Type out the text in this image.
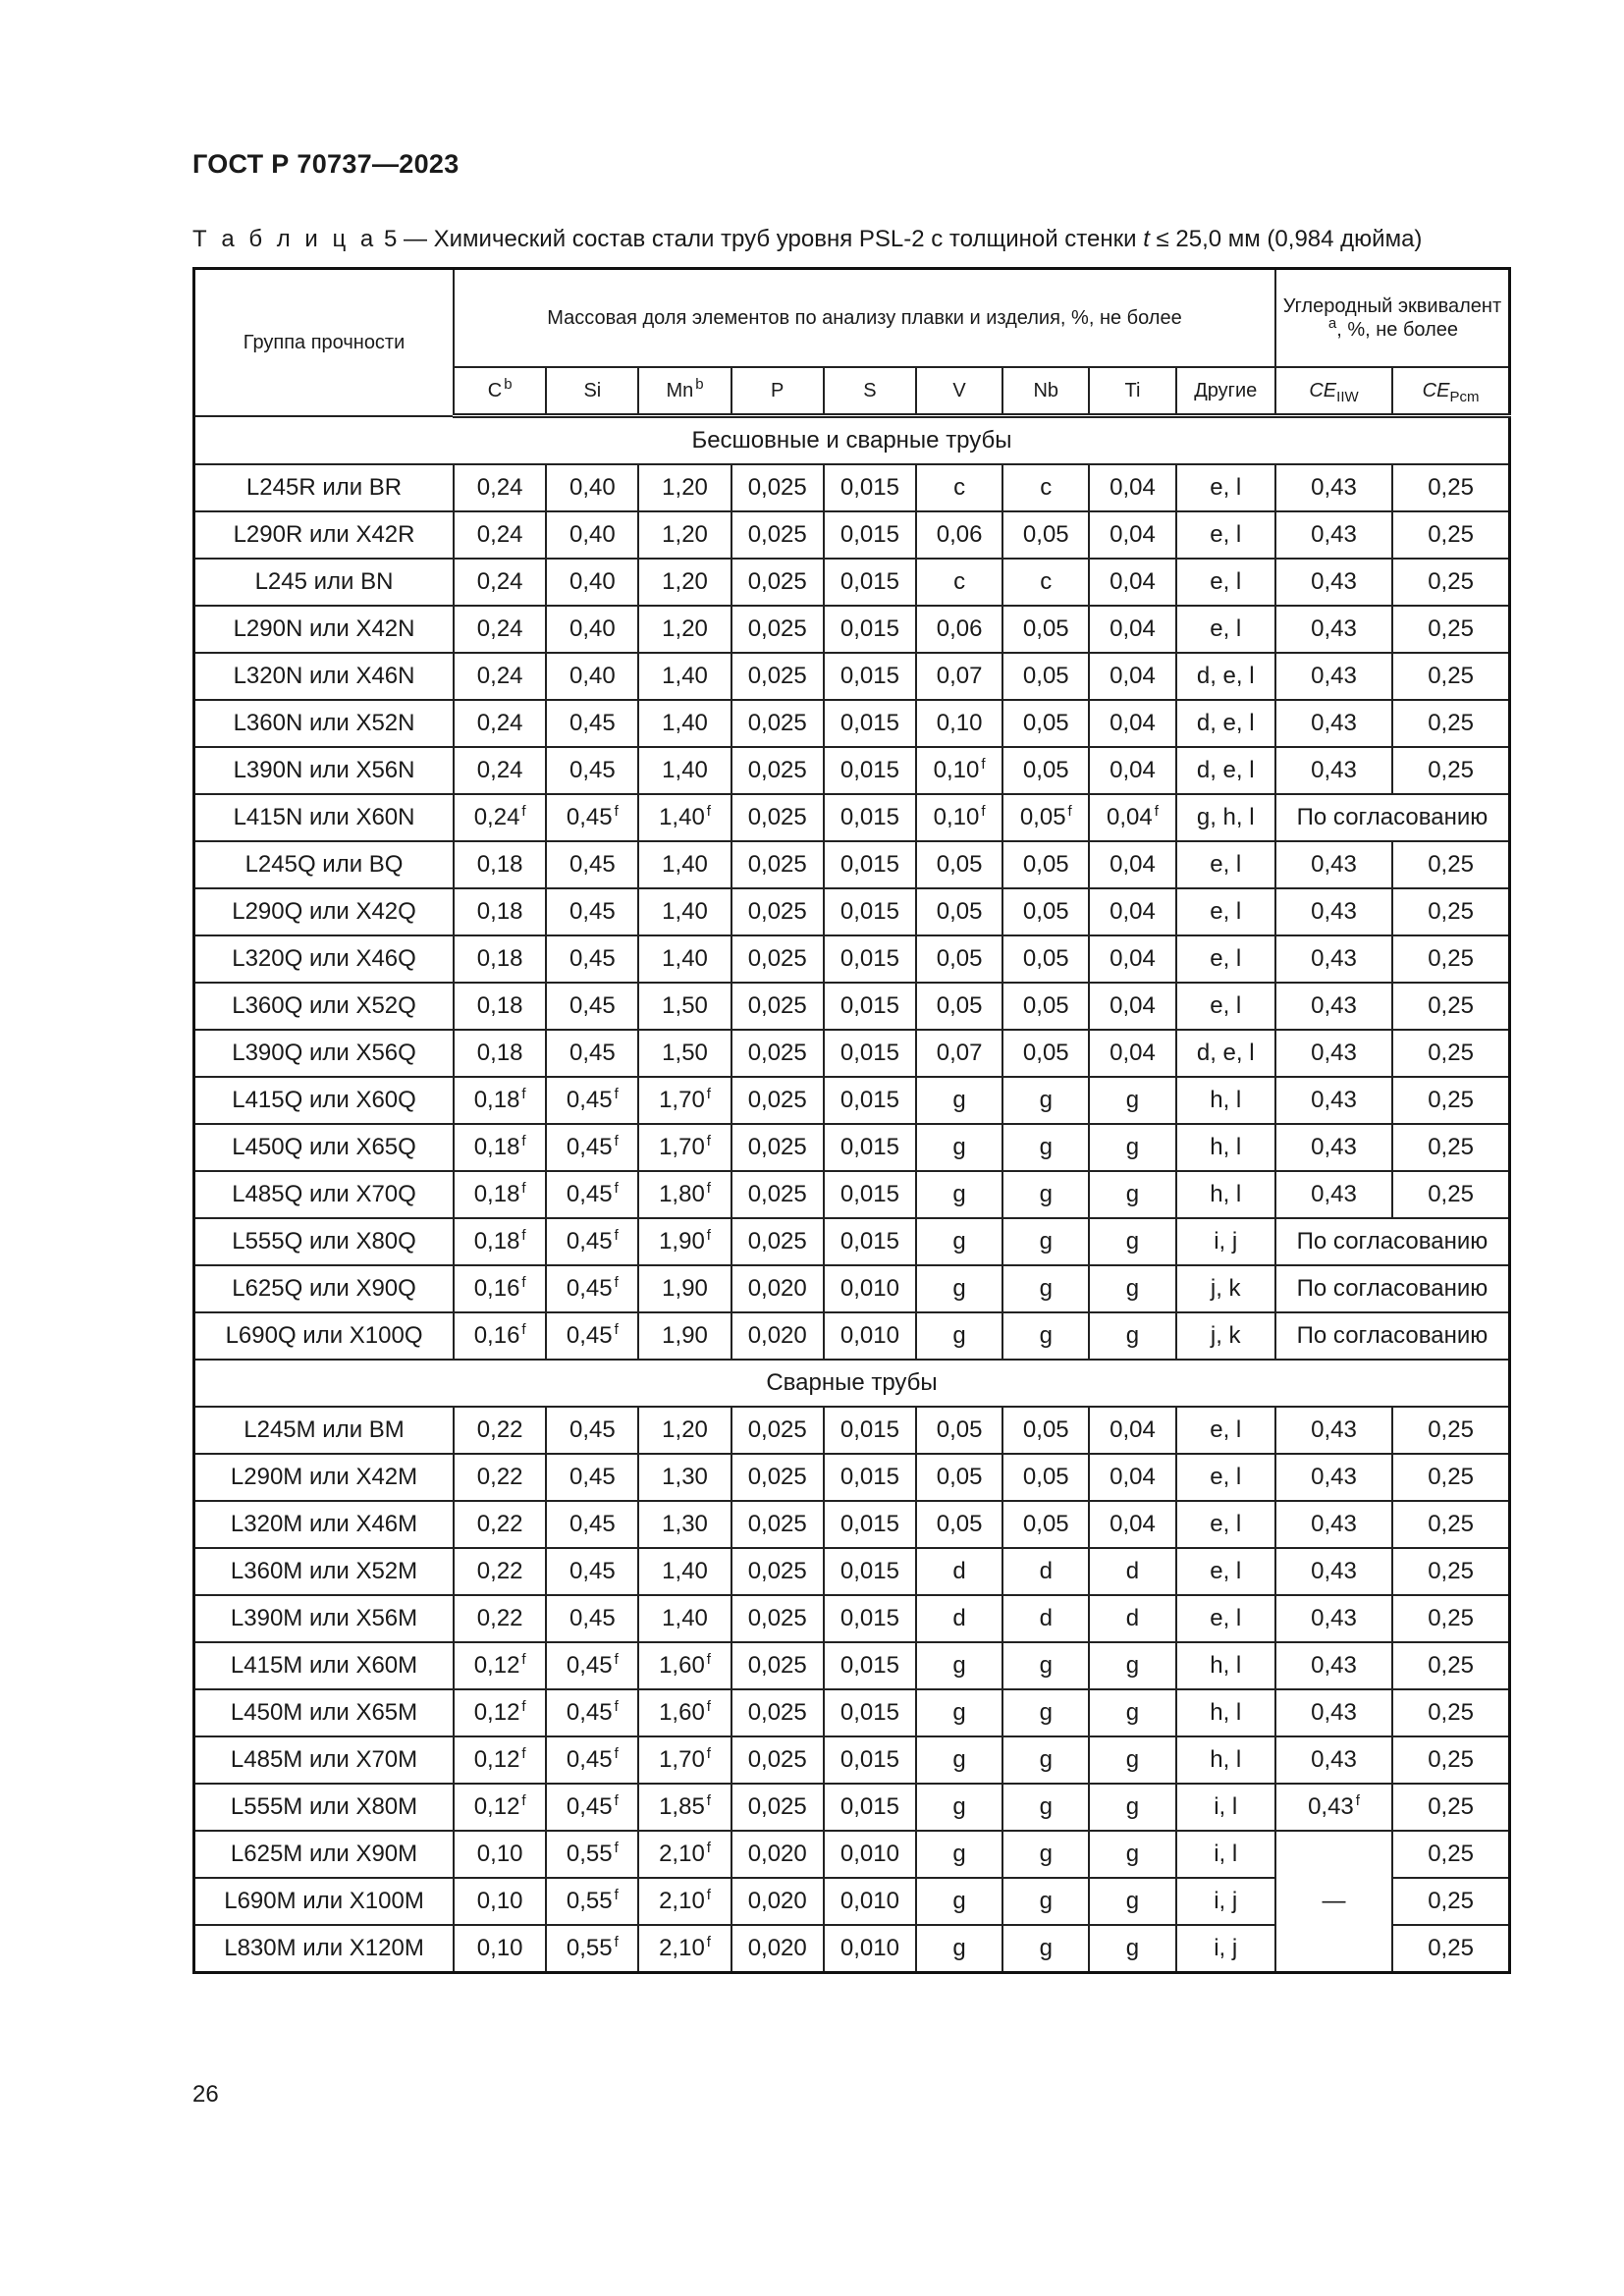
ГОСТ Р 70737—2023
Т а б л и ц а 5 — Химический состав стали труб уровня PSL-2 с толщиной стенки t ≤ 25,0 мм (0,984 дюйма)
Группа прочности	Массовая доля элементов по анализу плавки и изделия, %, не более									Углеродный эквивалент $^a$, %, не более	
	C $^b$	Si	Mn $^b$	P	S	V	Nb	Ti	Другие	$CE_{IIW}$	$CE_{Pcm}$
Бесшовные и сварные трубы											
L245R или BR	0,24	0,40	1,20	0,025	0,015	c	c	0,04	e, l	0,43	0,25
L290R или X42R	0,24	0,40	1,20	0,025	0,015	0,06	0,05	0,04	e, l	0,43	0,25
L245 или BN	0,24	0,40	1,20	0,025	0,015	c	c	0,04	e, l	0,43	0,25
L290N или X42N	0,24	0,40	1,20	0,025	0,015	0,06	0,05	0,04	e, l	0,43	0,25
L320N или X46N	0,24	0,40	1,40	0,025	0,015	0,07	0,05	0,04	d, e, l	0,43	0,25
L360N или X52N	0,24	0,45	1,40	0,025	0,015	0,10	0,05	0,04	d, e, l	0,43	0,25
L390N или X56N	0,24	0,45	1,40	0,025	0,015	0,10 $^f$	0,05	0,04	d, e, l	0,43	0,25
L415N или X60N	0,24 $^f$	0,45 $^f$	1,40 $^f$	0,025	0,015	0,10 $^f$	0,05 $^f$	0,04 $^f$	g, h, l	По согласованию	
L245Q или BQ	0,18	0,45	1,40	0,025	0,015	0,05	0,05	0,04	e, l	0,43	0,25
L290Q или X42Q	0,18	0,45	1,40	0,025	0,015	0,05	0,05	0,04	e, l	0,43	0,25
L320Q или X46Q	0,18	0,45	1,40	0,025	0,015	0,05	0,05	0,04	e, l	0,43	0,25
L360Q или X52Q	0,18	0,45	1,50	0,025	0,015	0,05	0,05	0,04	e, l	0,43	0,25
L390Q или X56Q	0,18	0,45	1,50	0,025	0,015	0,07	0,05	0,04	d, e, l	0,43	0,25
L415Q или X60Q	0,18 $^f$	0,45 $^f$	1,70 $^f$	0,025	0,015	g	g	g	h, l	0,43	0,25
L450Q или X65Q	0,18 $^f$	0,45 $^f$	1,70 $^f$	0,025	0,015	g	g	g	h, l	0,43	0,25
L485Q или X70Q	0,18 $^f$	0,45 $^f$	1,80 $^f$	0,025	0,015	g	g	g	h, l	0,43	0,25
L555Q или X80Q	0,18 $^f$	0,45 $^f$	1,90 $^f$	0,025	0,015	g	g	g	i, j	По согласованию	
L625Q или X90Q	0,16 $^f$	0,45 $^f$	1,90	0,020	0,010	g	g	g	j, k	По согласованию	
L690Q или X100Q	0,16 $^f$	0,45 $^f$	1,90	0,020	0,010	g	g	g	j, k	По согласованию	
Сварные трубы											
L245M или BM	0,22	0,45	1,20	0,025	0,015	0,05	0,05	0,04	e, l	0,43	0,25
L290M или X42M	0,22	0,45	1,30	0,025	0,015	0,05	0,05	0,04	e, l	0,43	0,25
L320M или X46M	0,22	0,45	1,30	0,025	0,015	0,05	0,05	0,04	e, l	0,43	0,25
L360M или X52M	0,22	0,45	1,40	0,025	0,015	d	d	d	e, l	0,43	0,25
L390M или X56M	0,22	0,45	1,40	0,025	0,015	d	d	d	e, l	0,43	0,25
L415M или X60M	0,12 $^f$	0,45 $^f$	1,60 $^f$	0,025	0,015	g	g	g	h, l	0,43	0,25
L450M или X65M	0,12 $^f$	0,45 $^f$	1,60 $^f$	0,025	0,015	g	g	g	h, l	0,43	0,25
L485M или X70M	0,12 $^f$	0,45 $^f$	1,70 $^f$	0,025	0,015	g	g	g	h, l	0,43	0,25
L555M или X80M	0,12 $^f$	0,45 $^f$	1,85 $^f$	0,025	0,015	g	g	g	i, l	0,43 $^f$	0,25
L625M или X90M	0,10	0,55 $^f$	2,10 $^f$	0,020	0,010	g	g	g	i, l	—	0,25
L690M или X100M	0,10	0,55 $^f$	2,10 $^f$	0,020	0,010	g	g	g	i, j		0,25
L830M или X120M	0,10	0,55 $^f$	2,10 $^f$	0,020	0,010	g	g	g	i, j		0,25
26
